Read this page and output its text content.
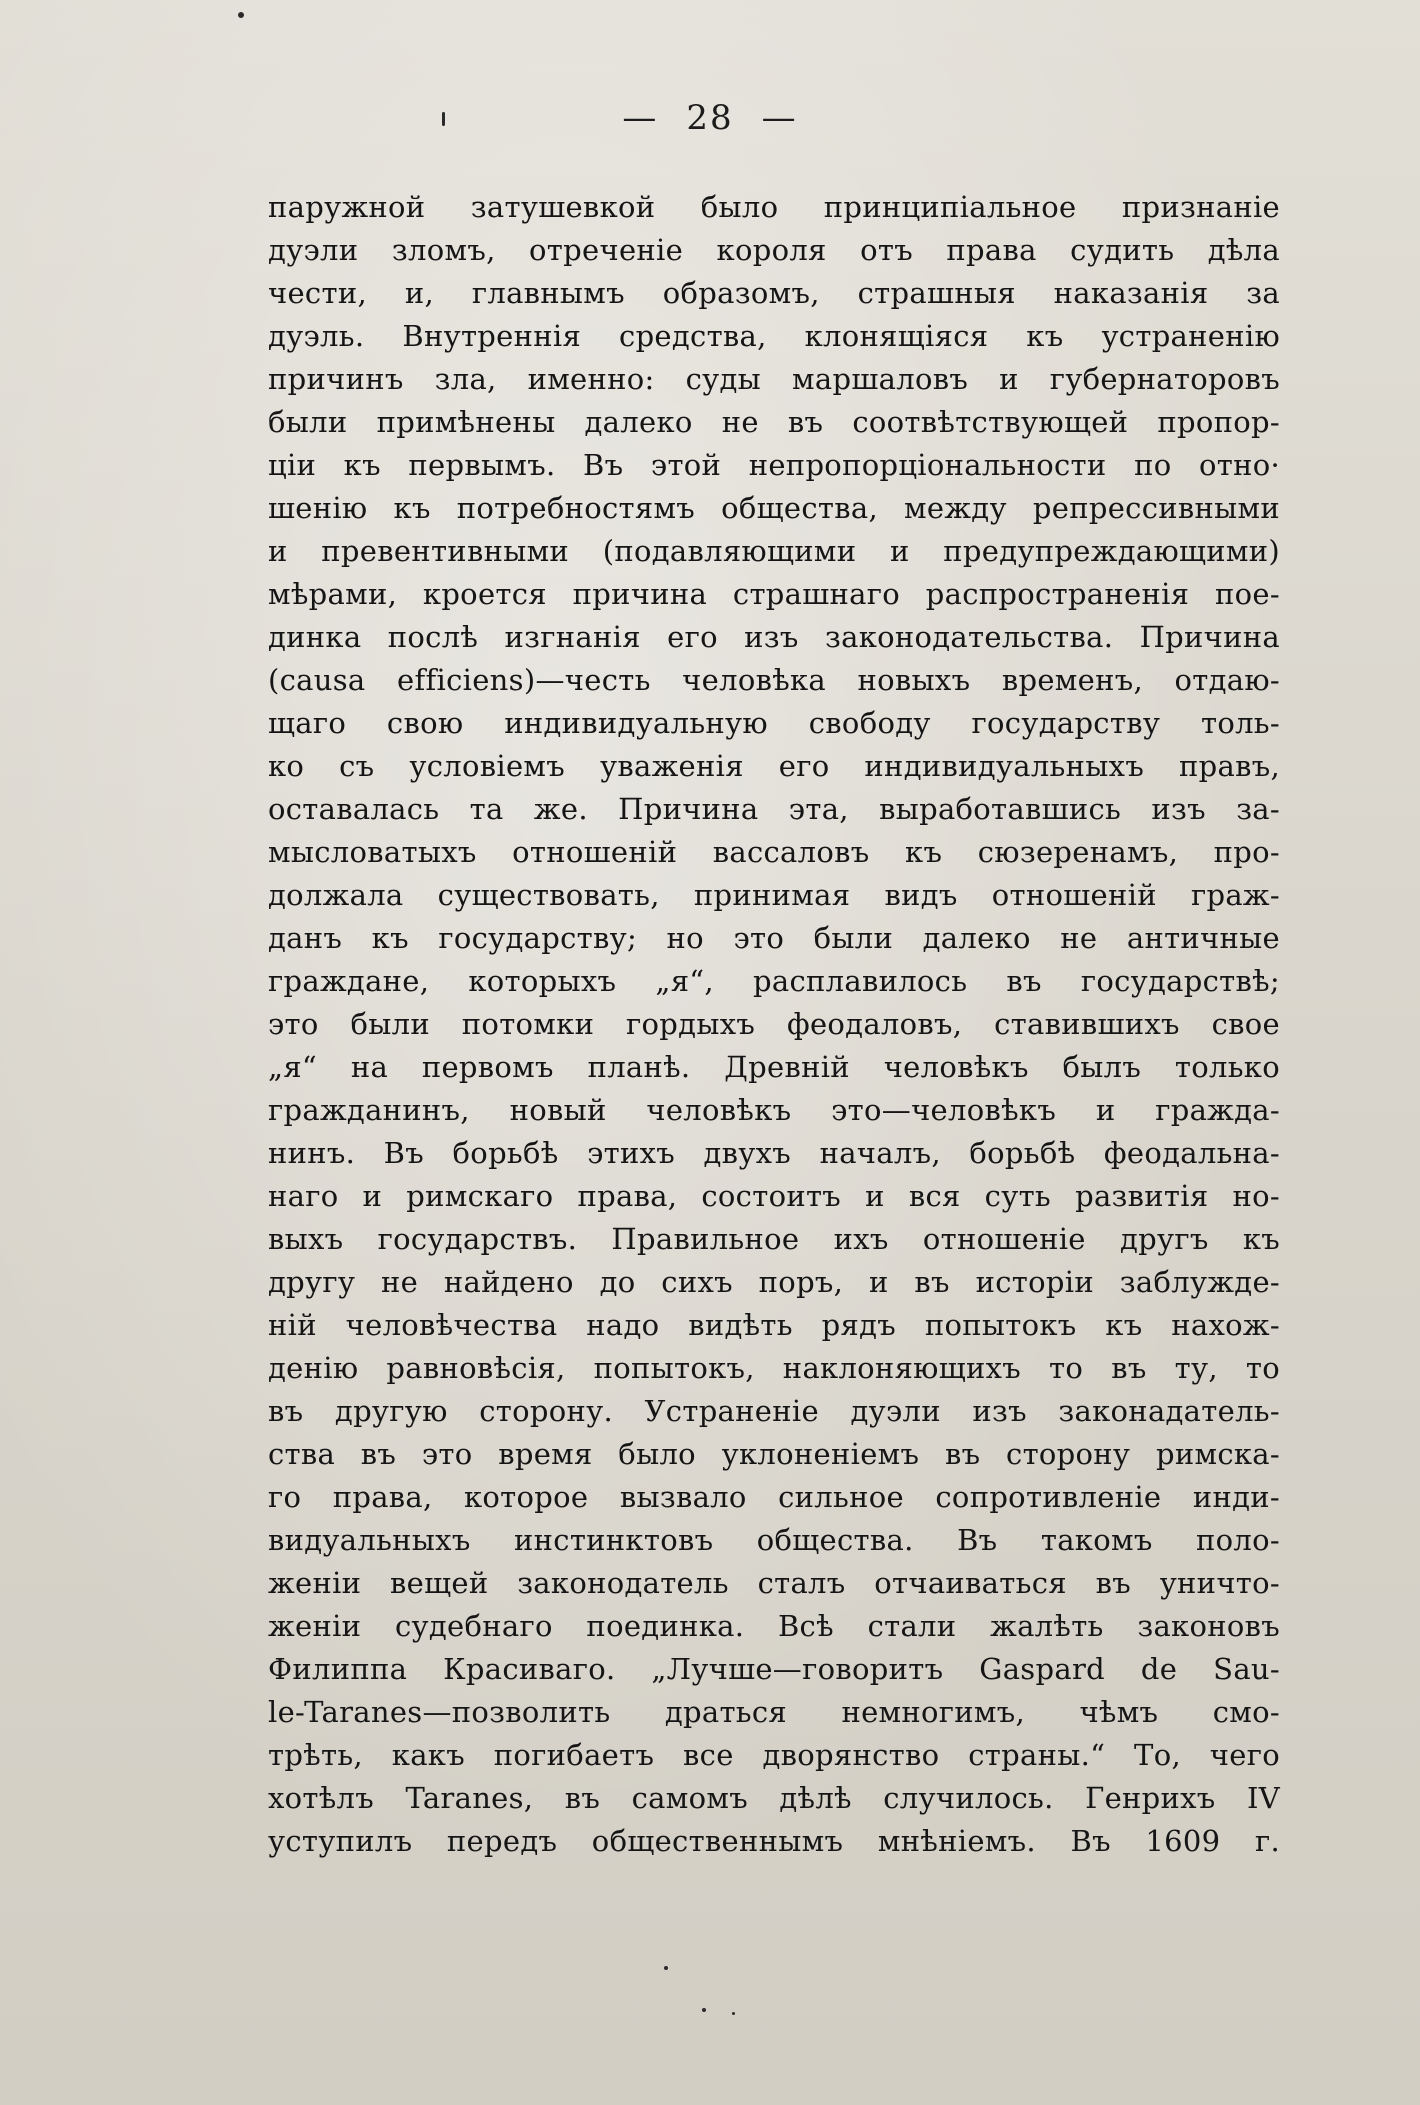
— 28 —
паружной затушевкой было принципіальное признаніе
дуэли зломъ, отреченіе короля отъ права судить дѣла
чести, и, главнымъ образомъ, страшныя наказанія за
дуэль. Внутреннія средства, клонящіяся къ устраненію
причинъ зла, именно: суды маршаловъ и губернаторовъ
были примѣнены далеко не въ соотвѣтствующей пропор-
ціи къ первымъ. Въ этой непропорціональности по отно·
шенію къ потребностямъ общества, между репрессивными
и превентивными (подавляющими и предупреждающими)
мѣрами, кроется причина страшнаго распространенія пое-
динка послѣ изгнанія его изъ законодательства. Причина
(causa efficiens)—честь человѣка новыхъ временъ, отдаю-
щаго свою индивидуальную свободу государству толь-
ко съ условіемъ уваженія его индивидуальныхъ правъ,
оставалась та же. Причина эта, выработавшись изъ за-
мысловатыхъ отношеній вассаловъ къ сюзеренамъ, про-
должала существовать, принимая видъ отношеній граж-
данъ къ государству; но это были далеко не античные
граждане, которыхъ „я“, расплавилось въ государствѣ;
это были потомки гордыхъ феодаловъ, ставившихъ свое
„я“ на первомъ планѣ. Древній человѣкъ былъ только
гражданинъ, новый человѣкъ это—человѣкъ и гражда-
нинъ. Въ борьбѣ этихъ двухъ началъ, борьбѣ феодальна-
наго и римскаго права, состоитъ и вся суть развитія но-
выхъ государствъ. Правильное ихъ отношеніе другъ къ
другу не найдено до сихъ поръ, и въ исторіи заблужде-
ній человѣчества надо видѣть рядъ попытокъ къ нахож-
денію равновѣсія, попытокъ, наклоняющихъ то въ ту, то
въ другую сторону. Устраненіе дуэли изъ законадатель-
ства въ это время было уклоненіемъ въ сторону римска-
го права, которое вызвало сильное сопротивленіе инди-
видуальныхъ инстинктовъ общества. Въ такомъ поло-
женіи вещей законодатель сталъ отчаиваться въ уничто-
женіи судебнаго поединка. Всѣ стали жалѣть законовъ
Филиппа Красиваго. „Лучше—говоритъ Gaspard de Sau-
le-Taranes—позволить драться немногимъ, чѣмъ смо-
трѣть, какъ погибаетъ все дворянство страны.“ То, чего
хотѣлъ Taranes, въ самомъ дѣлѣ случилось. Генрихъ IV
уступилъ передъ общественнымъ мнѣніемъ. Въ 1609 г.
